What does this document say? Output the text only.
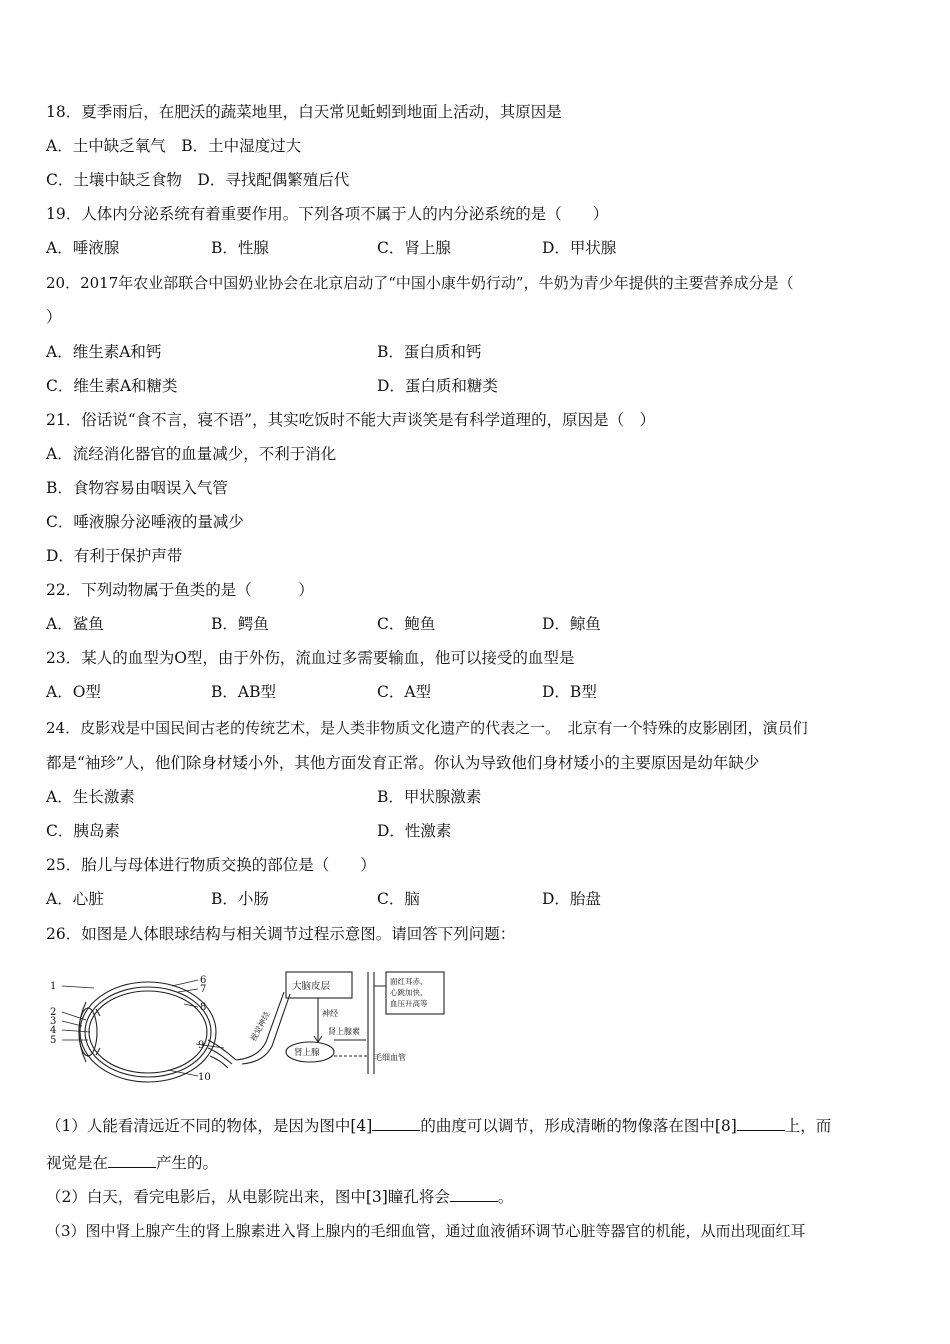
18．夏季雨后，在肥沃的蔬菜地里，白天常见蚯蚓到地面上活动，其原因是
A．土中缺乏氧气　B．土中湿度过大
C．土壤中缺乏食物　D．寻找配偶繁殖后代
19．人体内分泌系统有着重要作用。下列各项不属于人的内分泌系统的是（　　）
A．唾液腺	B．性腺	C．肾上腺	D．甲状腺
20．2017年农业部联合中国奶业协会在北京启动了“中国小康牛奶行动”，牛奶为青少年提供的主要营养成分是（
）
A．维生素A和钙	B．蛋白质和钙
C．维生素A和糖类	D．蛋白质和糖类
21．俗话说“食不言，寝不语”，其实吃饭时不能大声谈笑是有科学道理的，原因是（　）
A．流经消化器官的血量减少，不利于消化
B．食物容易由咽误入气管
C．唾液腺分泌唾液的量减少
D．有利于保护声带
22．下列动物属于鱼类的是（　　　）
A．鲨鱼	B．鳄鱼	C．鲍鱼	D．鲸鱼
23．某人的血型为O型，由于外伤，流血过多需要输血，他可以接受的血型是
A．O型	B．AB型	C．A型	D．B型
24．皮影戏是中国民间古老的传统艺术，是人类非物质文化遗产的代表之一。　北京有一个特殊的皮影剧团，演员们
都是“袖珍”人，他们除身材矮小外，其他方面发育正常。你认为导致他们身材矮小的主要原因是幼年缺少
A．生长激素	B．甲状腺激素
C．胰岛素	D．性激素
25．胎儿与母体进行物质交换的部位是（　　）
A．心脏	B．小肠	C．脑	D．胎盘
26．如图是人体眼球结构与相关调节过程示意图。请回答下列问题：
1
2
3
4
5
6
7
8
9
10
视觉神经
大脑皮层
神经
肾上腺
肾上腺素
毛细血管
面红耳赤、
心跳加快、
血压升高等
（1）人能看清远近不同的物体，是因为图中[4]	的曲度可以调节，形成清晰的物像落在图中[8]	上，而
视觉是在	产生的。
（2）白天，看完电影后，从电影院出来，图中[3]瞳孔将会	。
（3）图中肾上腺产生的肾上腺素进入肾上腺内的毛细血管，通过血液循环调节心脏等器官的机能，从而出现面红耳
